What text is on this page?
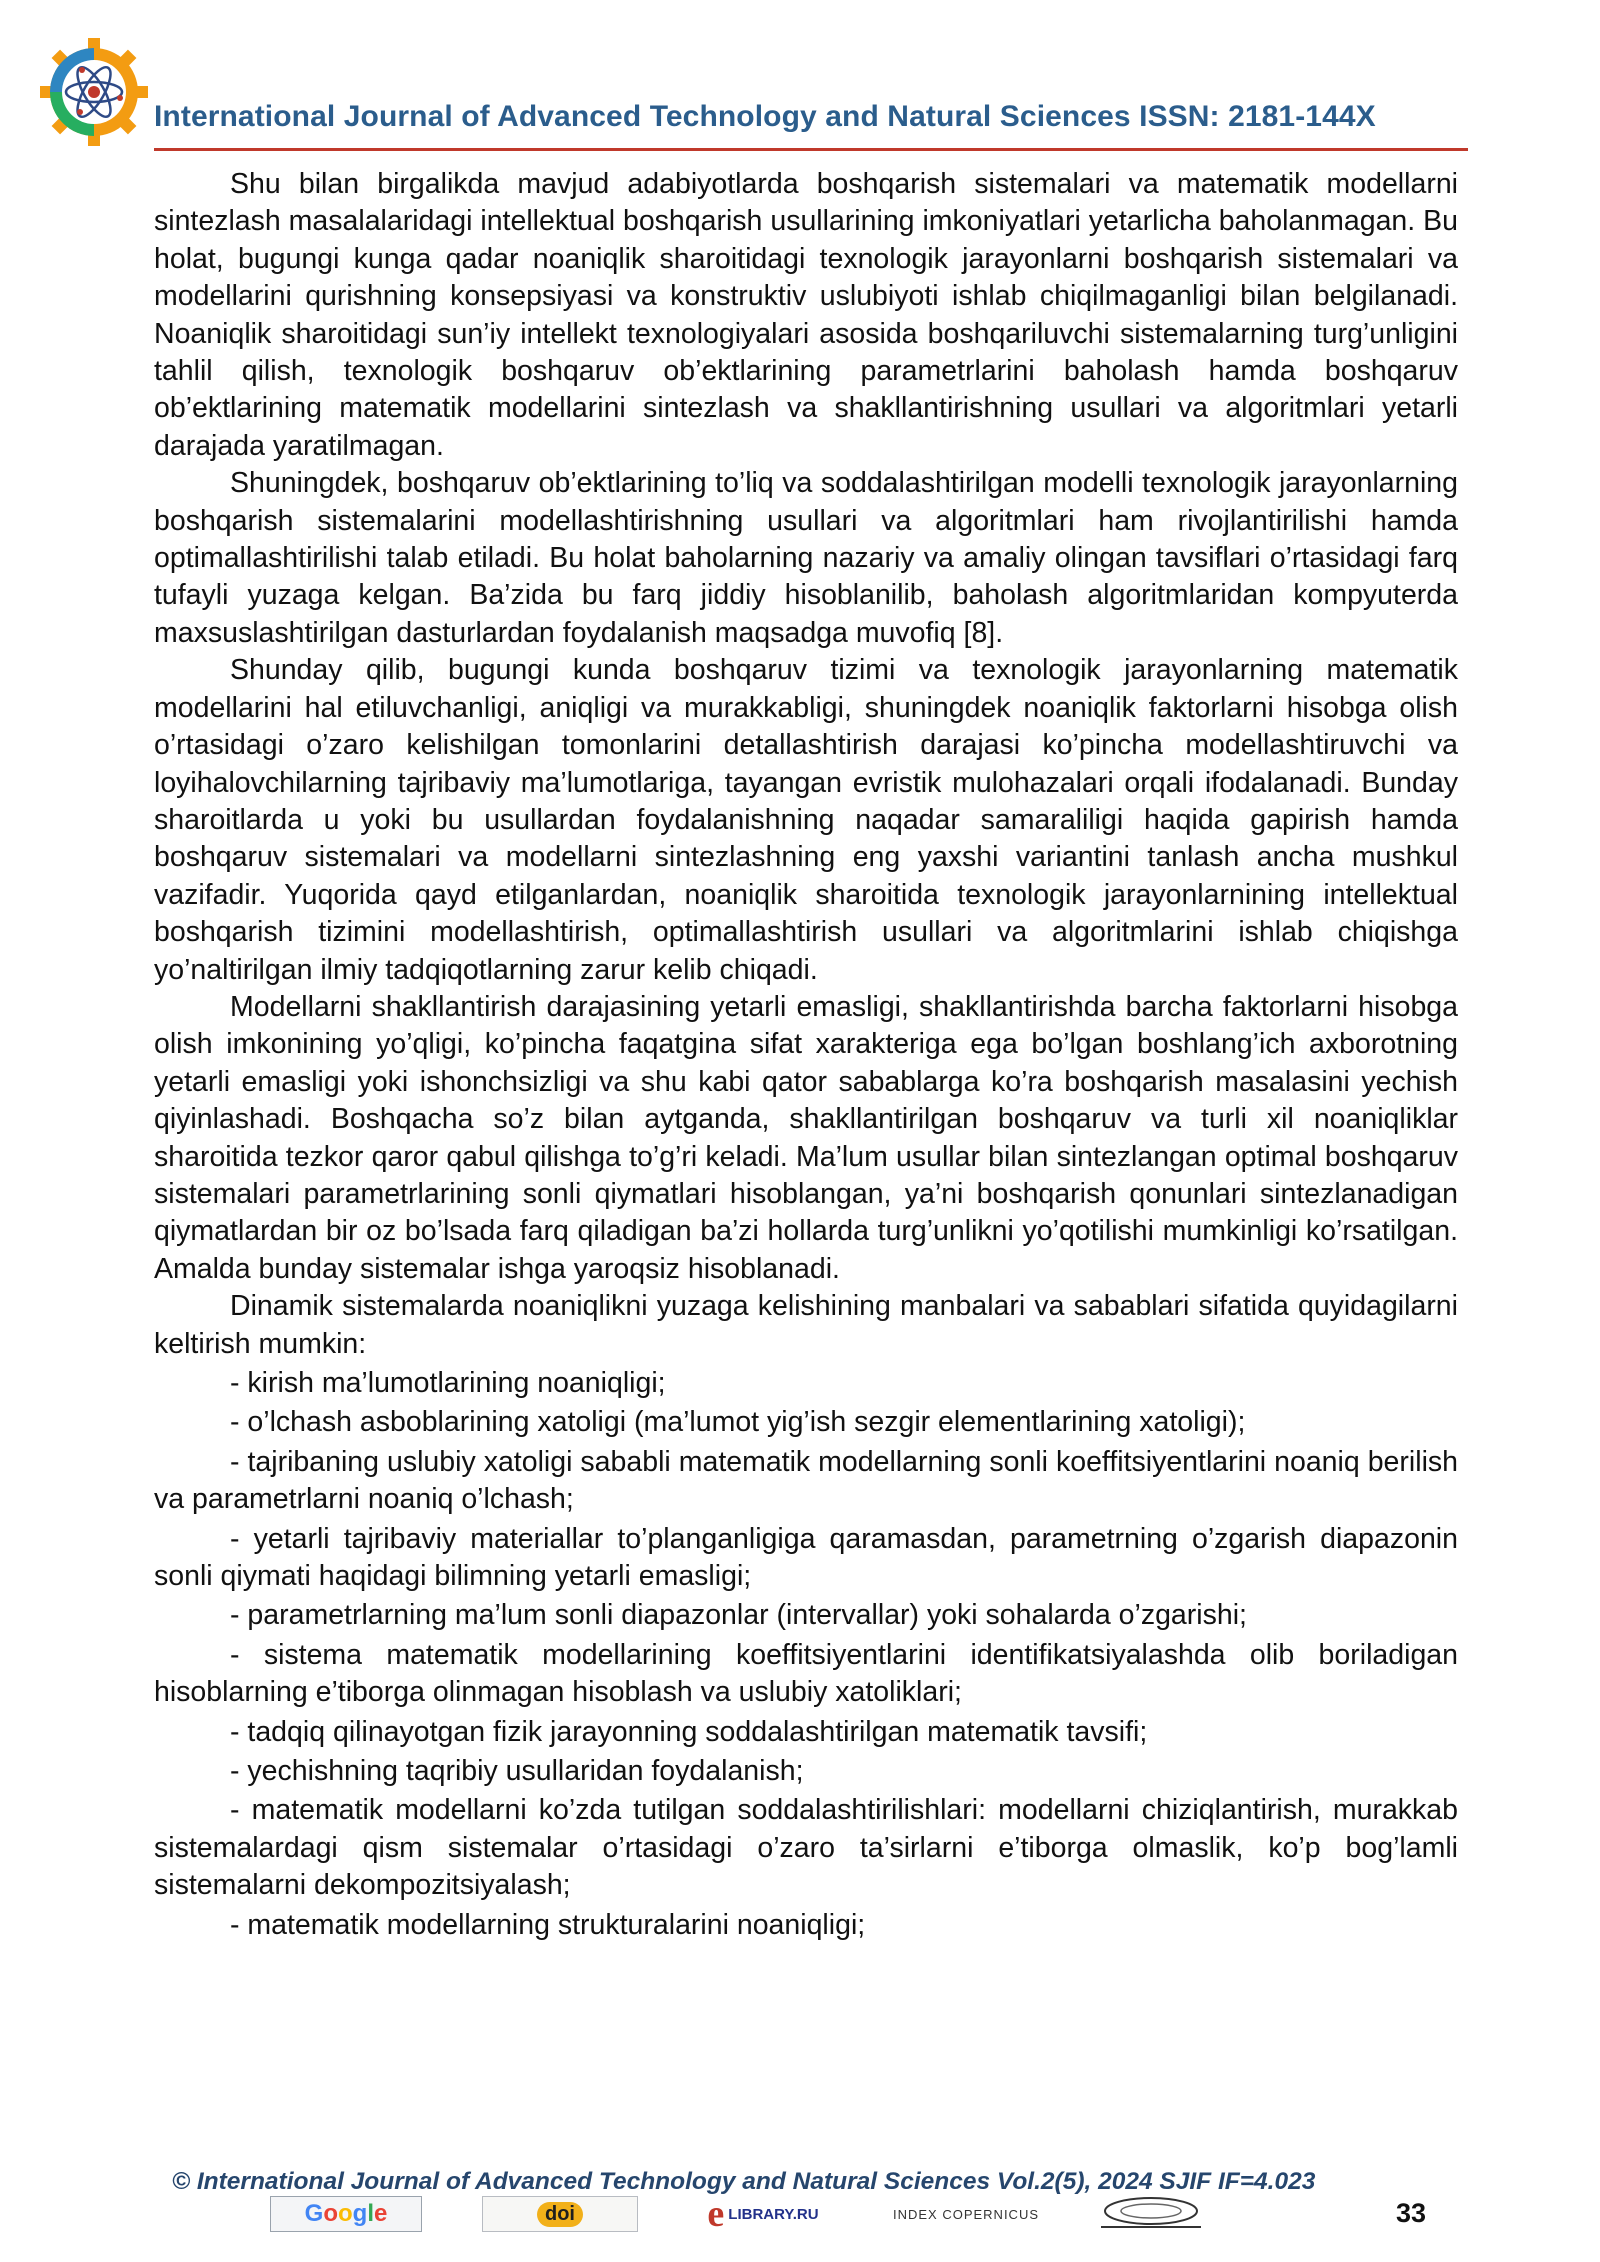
International Journal of Advanced Technology and Natural Sciences ISSN: 2181-144X

Shu bilan birgalikda mavjud adabiyotlarda boshqarish sistemalari va matematik modellarni sintezlash masalalaridagi intellektual boshqarish usullarining imkoniyatlari yetarlicha baholanmagan. Bu holat, bugungi kunga qadar noaniqlik sharoitidagi texnologik jarayonlarni boshqarish sistemalari va modellarini qurishning konsepsiyasi va konstruktiv uslubiyoti ishlab chiqilmaganligi bilan belgilanadi. Noaniqlik sharoitidagi sun’iy intellekt texnologiyalari asosida boshqariluvchi sistemalarning turg’unligini tahlil qilish, texnologik boshqaruv ob’ektlarining parametrlarini baholash hamda boshqaruv ob’ektlarining matematik modellarini sintezlash va shakllantirishning usullari va algoritmlari yetarli darajada yaratilmagan.

Shuningdek, boshqaruv ob’ektlarining to’liq va soddalashtirilgan modelli texnologik jarayonlarning boshqarish sistemalarini modellashtirishning usullari va algoritmlari ham rivojlantirilishi hamda optimallashtirilishi talab etiladi. Bu holat baholarning nazariy va amaliy olingan tavsiflari o’rtasidagi farq tufayli yuzaga kelgan. Ba’zida bu farq jiddiy hisoblanilib, baholash algoritmlaridan kompyuterda maxsuslashtirilgan dasturlardan foydalanish maqsadga muvofiq [8].

Shunday qilib, bugungi kunda boshqaruv tizimi va texnologik jarayonlarning matematik modellarini hal etiluvchanligi, aniqligi va murakkabligi, shuningdek noaniqlik faktorlarni hisobga olish o’rtasidagi o’zaro kelishilgan tomonlarini detallashtirish darajasi ko’pincha modellashtiruvchi va loyihalovchilarning tajribaviy ma’lumotlariga, tayangan evristik mulohazalari orqali ifodalanadi. Bunday sharoitlarda u yoki bu usullardan foydalanishning naqadar samaraliligi haqida gapirish hamda boshqaruv sistemalari va modellarni sintezlashning eng yaxshi variantini tanlash ancha mushkul vazifadir. Yuqorida qayd etilganlardan, noaniqlik sharoitida texnologik jarayonlarnining intellektual boshqarish tizimini modellashtirish, optimallashtirish usullari va algoritmlarini ishlab chiqishga yo’naltirilgan ilmiy tadqiqotlarning zarur kelib chiqadi.

Modellarni shakllantirish darajasining yetarli emasligi, shakllantirishda barcha faktorlarni hisobga olish imkonining yo’qligi, ko’pincha faqatgina sifat xarakteriga ega bo’lgan boshlang’ich axborotning yetarli emasligi yoki ishonchsizligi va shu kabi qator sabablarga ko’ra boshqarish masalasini yechish qiyinlashadi. Boshqacha so’z bilan aytganda, shakllantirilgan boshqaruv va turli xil noaniqliklar sharoitida tezkor qaror qabul qilishga to’g’ri keladi. Ma’lum usullar bilan sintezlangan optimal boshqaruv sistemalari parametrlarining sonli qiymatlari hisoblangan, ya’ni boshqarish qonunlari sintezlanadigan qiymatlardan bir oz bo’lsada farq qiladigan ba’zi hollarda turg’unlikni yo’qotilishi mumkinligi ko’rsatilgan. Amalda bunday sistemalar ishga yaroqsiz hisoblanadi.

Dinamik sistemalarda noaniqlikni yuzaga kelishining manbalari va sabablari sifatida quyidagilarni keltirish mumkin:

- kirish ma’lumotlarining noaniqligi;

- o’lchash asboblarining xatoligi (ma’lumot yig’ish sezgir elementlarining xatoligi);

- tajribaning uslubiy xatoligi sababli matematik modellarning sonli koeffitsiyentlarini noaniq berilish va parametrlarni noaniq o’lchash;

- yetarli tajribaviy materiallar to’planganligiga qaramasdan, parametrning o’zgarish diapazonin sonli qiymati haqidagi bilimning yetarli emasligi;

- parametrlarning ma’lum sonli diapazonlar (intervallar) yoki sohalarda o’zgarishi;

- sistema matematik modellarining koeffitsiyentlarini identifikatsiyalashda olib boriladigan hisoblarning e’tiborga olinmagan hisoblash va uslubiy xatoliklari;

- tadqiq qilinayotgan fizik jarayonning soddalashtirilgan matematik tavsifi;

- yechishning taqribiy usullaridan foydalanish;

- matematik modellarni ko’zda tutilgan soddalashtirilishlari: modellarni chiziqlantirish, murakkab sistemalardagi qism sistemalar o’rtasidagi o’zaro ta’sirlarni e’tiborga olmaslik, ko’p bog’lamli sistemalarni dekompozitsiyalash;

- matematik modellarning strukturalarini noaniqligi;

© International Journal of Advanced Technology and Natural Sciences Vol.2(5), 2024 SJIF IF=4.023
G o o g l e	doi	e LIBRARY.RU	INDEX COPERNICUS	33
